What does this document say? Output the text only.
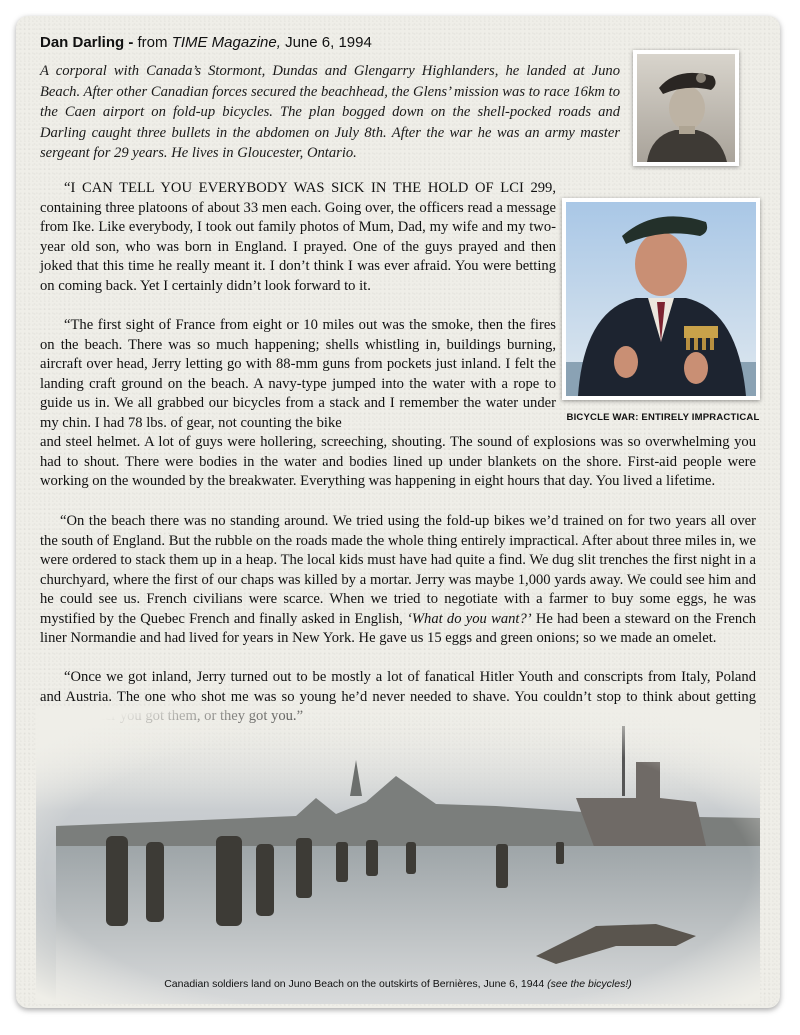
Dan Darling - from TIME Magazine, June 6, 1994
A corporal with Canada’s Stormont, Dundas and Glengarry Highlanders, he landed at Juno Beach. After other Canadian forces secured the beachhead, the Glens’ mission was to race 16km to the Caen airport on fold-up bicycles. The plan bogged down on the shell-pocked roads and Darling caught three bullets in the abdomen on July 8th. After the war he was an army master sergeant for 29 years. He lives in Gloucester, Ontario.
BICYCLE WAR: ENTIRELY IMPRACTICAL

“I CAN TELL YOU EVERYBODY WAS SICK IN THE HOLD OF LCI 299, containing three platoons of about 33 men each. Going over, the officers read a message from Ike. Like everybody, I took out family photos of Mum, Dad, my wife and my two-year old son, who was born in England. I prayed. One of the guys prayed and then joked that this time he really meant it. I don’t think I was ever afraid. You were betting on coming back. Yet I certainly didn’t look forward to it.

“The first sight of France from eight or 10 miles out was the smoke, then the fires on the beach. There was so much happening; shells whistling in, buildings burning, aircraft over head, Jerry letting go with 88-mm guns from pockets just inland. I felt the landing craft ground on the beach. A navy-type jumped into the water with a rope to guide us in. We all grabbed our bicycles from a stack and I remember the water under my chin. I had 78 lbs. of gear, not counting the bike

and steel helmet. A lot of guys were hollering, screeching, shouting. The sound of explosions was so overwhelming you had to shout. There were bodies in the water and bodies lined up under blankets on the shore. First-aid people were working on the wounded by the breakwater. Everything was happening in eight hours that day. You lived a lifetime.

“On the beach there was no standing around. We tried using the fold-up bikes we’d trained on for two years all over the south of England. But the rubble on the roads made the whole thing entirely impractical. After about three miles in, we were ordered to stack them up in a heap. The local kids must have had quite a find. We dug slit trenches the first night in a churchyard, where the first of our chaps was killed by a mortar. Jerry was maybe 1,000 yards away. We could see him and he could see us. French civilians were scarce. When we tried to negotiate with a farmer to buy some eggs, he was mystified by the Quebec French and finally asked in English, ‘What do you want?’ He had been a steward on the French liner Normandie and had lived for years in New York. He gave us 15 eggs and green onions; so we made an omelet.

“Once we got inland, Jerry turned out to be mostly a lot of fanatical Hitler Youth and conscripts from Italy, Poland and Austria. The one who shot me was so young he’d never needed to shave. You couldn’t stop to think about getting

Canadian soldiers land on Juno Beach on the outskirts of Bernières, June 6, 1944 (see the bicycles!)
